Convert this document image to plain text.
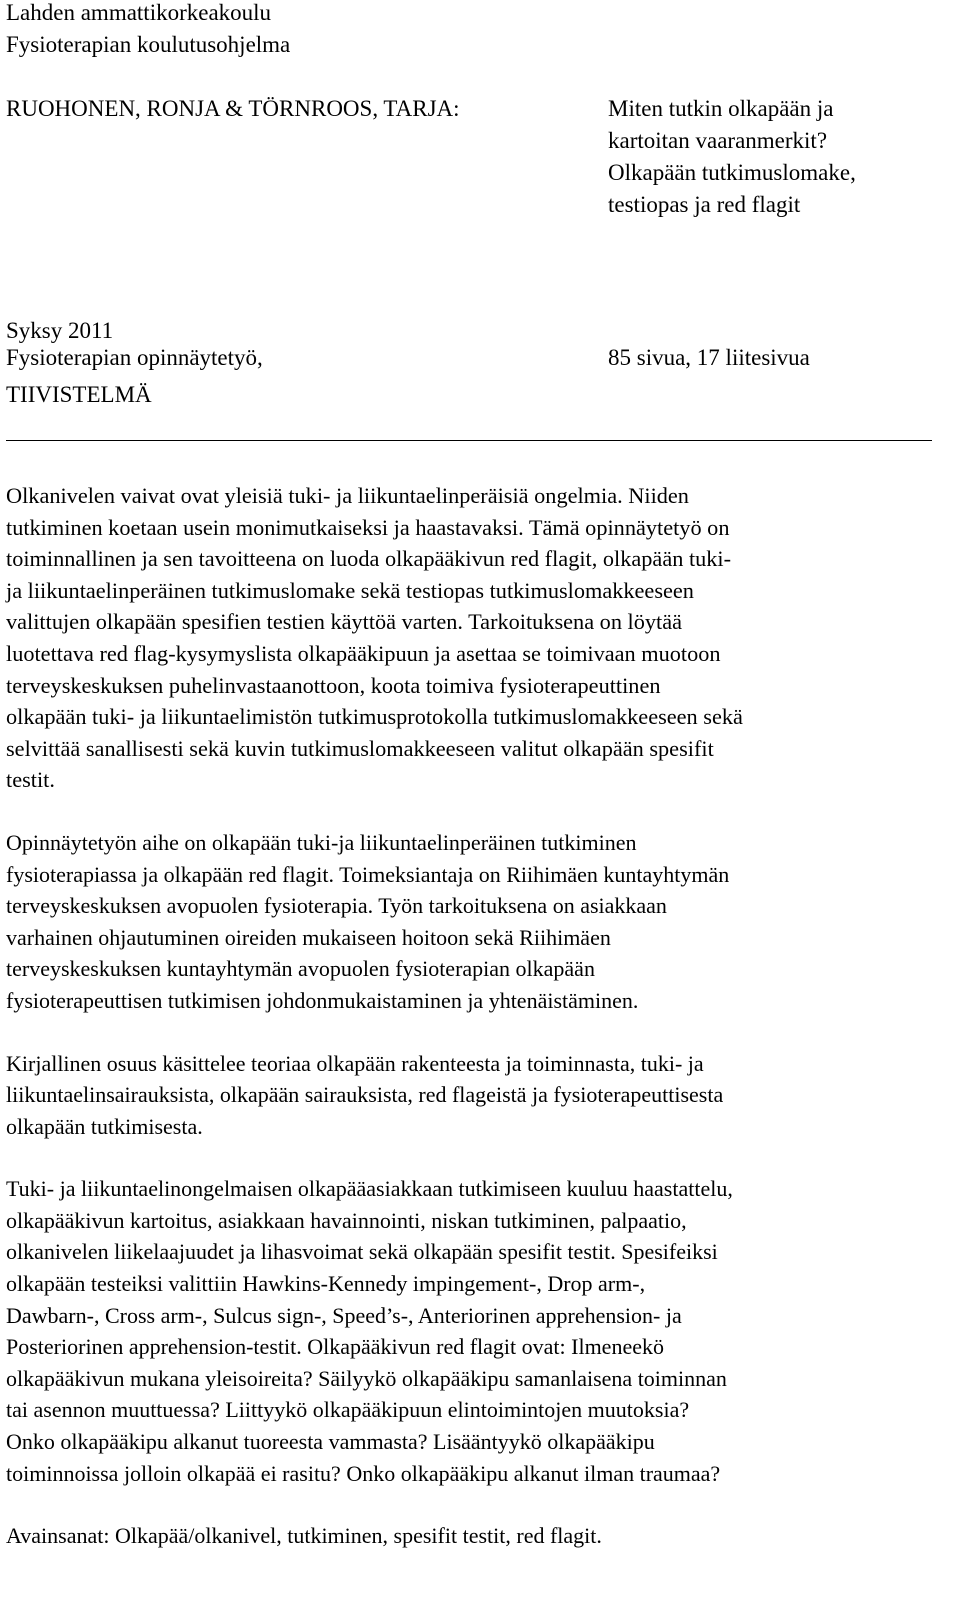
Lahden ammattikorkeakoulu
Fysioterapian koulutusohjelma
RUOHONEN, RONJA & TÖRNROOS, TARJA:
Fysioterapian opinnäytetyö,
Miten tutkin olkapään ja
kartoitan vaaranmerkit?
Olkapään tutkimuslomake,
testiopas ja red flagit
85 sivua, 17 liitesivua
Syksy 2011
TIIVISTELMÄ

Olkanivelen vaivat ovat yleisiä tuki- ja liikuntaelinperäisiä ongelmia. Niiden
tutkiminen koetaan usein monimutkaiseksi ja haastavaksi. Tämä opinnäytetyö on
toiminnallinen ja sen tavoitteena on luoda olkapääkivun red flagit, olkapään tuki-
ja liikuntaelinperäinen tutkimuslomake sekä testiopas tutkimuslomakkeeseen
valittujen olkapään spesifien testien käyttöä varten. Tarkoituksena on löytää
luotettava red flag-kysymyslista olkapääkipuun ja asettaa se toimivaan muotoon
terveyskeskuksen puhelinvastaanottoon, koota toimiva fysioterapeuttinen
olkapään tuki- ja liikuntaelimistön tutkimusprotokolla tutkimuslomakkeeseen sekä
selvittää sanallisesti sekä kuvin tutkimuslomakkeeseen valitut olkapään spesifit
testit.

Opinnäytetyön aihe on olkapään tuki-ja liikuntaelinperäinen tutkiminen
fysioterapiassa ja olkapään red flagit. Toimeksiantaja on Riihimäen kuntayhtymän
terveyskeskuksen avopuolen fysioterapia. Työn tarkoituksena on asiakkaan
varhainen ohjautuminen oireiden mukaiseen hoitoon sekä Riihimäen
terveyskeskuksen kuntayhtymän avopuolen fysioterapian olkapään
fysioterapeuttisen tutkimisen johdonmukaistaminen ja yhtenäistäminen.

Kirjallinen osuus käsittelee teoriaa olkapään rakenteesta ja toiminnasta, tuki- ja
liikuntaelinsairauksista, olkapään sairauksista, red flageistä ja fysioterapeuttisesta
olkapään tutkimisesta.

Tuki- ja liikuntaelinongelmaisen olkapääasiakkaan tutkimiseen kuuluu haastattelu,
olkapääkivun kartoitus, asiakkaan havainnointi, niskan tutkiminen, palpaatio,
olkanivelen liikelaajuudet ja lihasvoimat sekä olkapään spesifit testit. Spesifeiksi
olkapään testeiksi valittiin Hawkins-Kennedy impingement-, Drop arm-,
Dawbarn-, Cross arm-, Sulcus sign-, Speed’s-, Anteriorinen apprehension- ja
Posteriorinen apprehension-testit. Olkapääkivun red flagit ovat: Ilmeneekö
olkapääkivun mukana yleisoireita? Säilyykö olkapääkipu samanlaisena toiminnan
tai asennon muuttuessa? Liittyykö olkapääkipuun elintoimintojen muutoksia?
Onko olkapääkipu alkanut tuoreesta vammasta? Lisääntyykö olkapääkipu
toiminnoissa jolloin olkapää ei rasitu? Onko olkapääkipu alkanut ilman traumaa?

Avainsanat: Olkapää/olkanivel, tutkiminen, spesifit testit, red flagit.
